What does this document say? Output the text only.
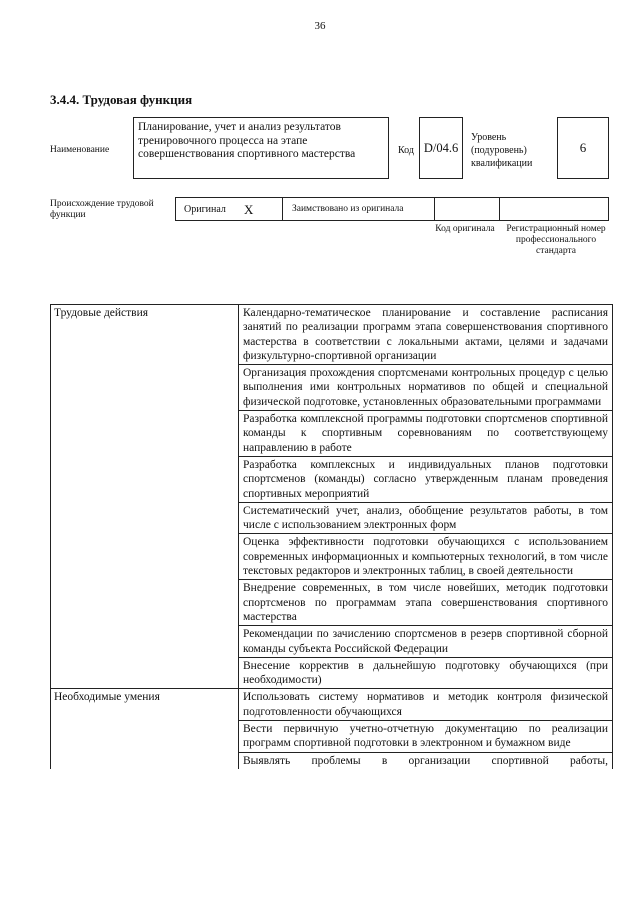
36
3.4.4. Трудовая функция
Наименование
Планирование, учет и анализ результатов тренировочного процесса на этапе совершенствования спортивного мастерства	Код D/04.6
Уровень (подуровень) квалификации
6
Происхождение трудовой функции	Оригинал X	Заимствовано из оригинала
Код оригинала	Регистрационный номер профессионального стандарта
Трудовые действия	Календарно-тематическое планирование и составление расписания занятий по реализации программ этапа совершенствования спортивного мастерства в соответствии с локальными актами, целями и задачами физкультурно-спортивной организации
	Организация прохождения спортсменами контрольных процедур с целью выполнения ими контрольных нормативов по общей и специальной физической подготовке, установленных образовательными программами
	Разработка комплексной программы подготовки спортсменов спортивной команды к спортивным соревнованиям по соответствующему направлению в работе
	Разработка комплексных и индивидуальных планов подготовки спортсменов (команды) согласно утвержденным планам проведения спортивных мероприятий
	Систематический учет, анализ, обобщение результатов работы, в том числе с использованием электронных форм
	Оценка эффективности подготовки обучающихся с использованием современных информационных и компьютерных технологий, в том числе текстовых редакторов и электронных таблиц, в своей деятельности
	Внедрение современных, в том числе новейших, методик подготовки спортсменов по программам этапа совершенствования спортивного мастерства
	Рекомендации по зачислению спортсменов в резерв спортивной сборной команды субъекта Российской Федерации
	Внесение корректив в дальнейшую подготовку обучающихся (при необходимости)
Необходимые умения	Использовать систему нормативов и методик контроля физической подготовленности обучающихся
	Вести первичную учетно-отчетную документацию по реализации программ спортивной подготовки в электронном и бумажном виде
	Выявлять проблемы в организации спортивной работы,
